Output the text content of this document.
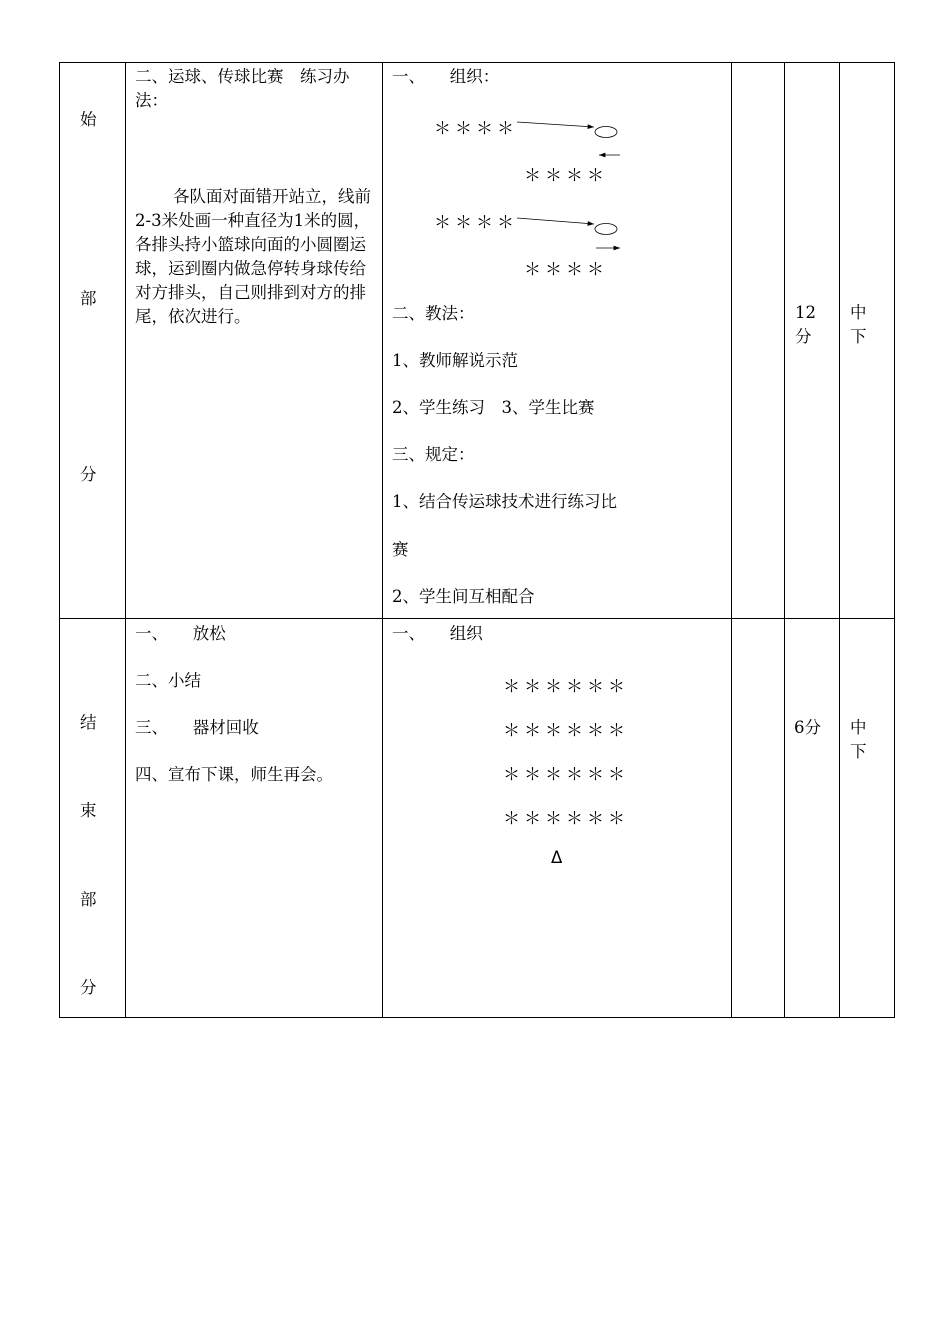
始
部
分
二、运球、传球比赛　练习办法：
各队面对面错开站立，线前2-3米处画一种直径为1米的圆，各排头持小篮球向面的小圆圈运球，运到圈内做急停转身球传给对方排头，自己则排到对方的排尾，依次进行。
一、　　组织：
＊＊＊＊
＊＊＊＊
＊＊＊＊
＊＊＊＊
二、教法：
1、教师解说示范
2、学生练习　3、学生比赛
三、规定：
1、结合传运球技术进行练习比
赛
2、学生间互相配合
12分
中下
结
束
部
分
一、　　放松
二、小结
三、　　器材回收
四、宣布下课，师生再会。
一、　　组织
＊＊＊＊＊＊
＊＊＊＊＊＊
＊＊＊＊＊＊
＊＊＊＊＊＊
Δ
6分 中下
